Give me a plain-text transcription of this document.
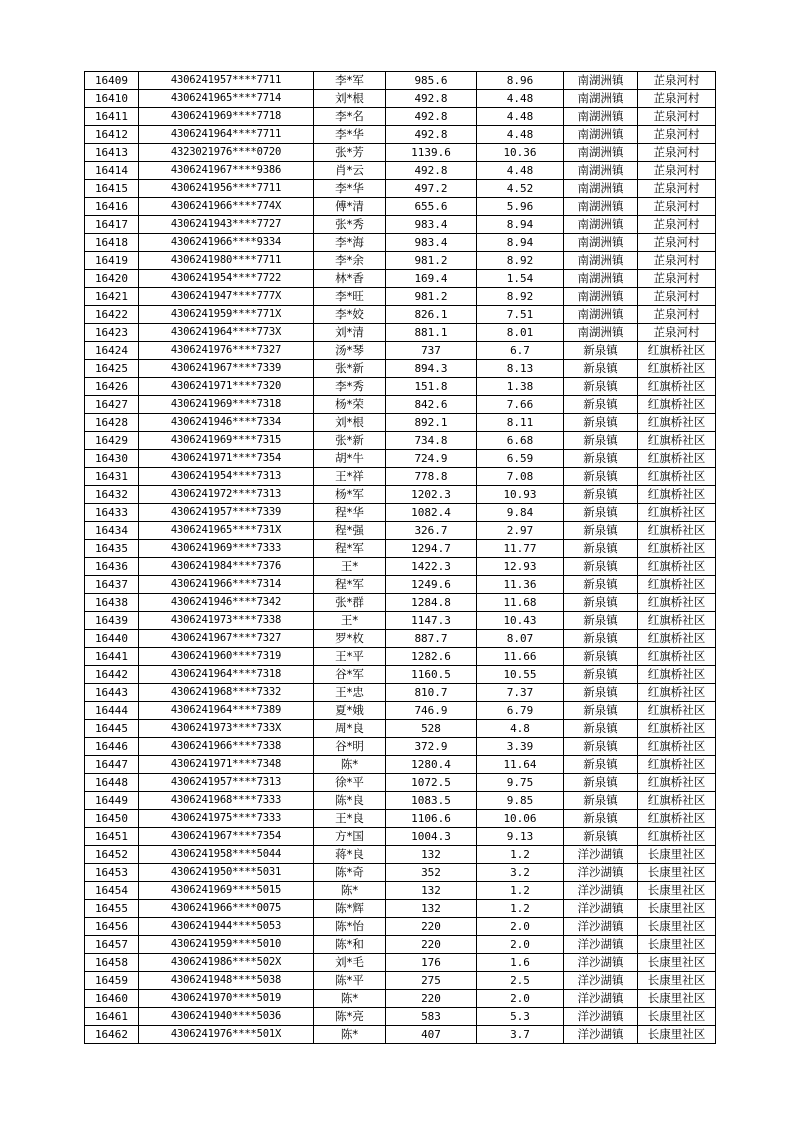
16409	4306241957****7711	李*军	985.6	8.96	南湖洲镇	芷泉河村
16410	4306241965****7714	刘*根	492.8	4.48	南湖洲镇	芷泉河村
16411	4306241969****7718	李*名	492.8	4.48	南湖洲镇	芷泉河村
16412	4306241964****7711	李*华	492.8	4.48	南湖洲镇	芷泉河村
16413	4323021976****0720	张*芳	1139.6	10.36	南湖洲镇	芷泉河村
16414	4306241967****9386	肖*云	492.8	4.48	南湖洲镇	芷泉河村
16415	4306241956****7711	李*华	497.2	4.52	南湖洲镇	芷泉河村
16416	4306241966****774X	傅*清	655.6	5.96	南湖洲镇	芷泉河村
16417	4306241943****7727	张*秀	983.4	8.94	南湖洲镇	芷泉河村
16418	4306241966****9334	李*海	983.4	8.94	南湖洲镇	芷泉河村
16419	4306241980****7711	李*余	981.2	8.92	南湖洲镇	芷泉河村
16420	4306241954****7722	林*香	169.4	1.54	南湖洲镇	芷泉河村
16421	4306241947****777X	李*旺	981.2	8.92	南湖洲镇	芷泉河村
16422	4306241959****771X	李*姣	826.1	7.51	南湖洲镇	芷泉河村
16423	4306241964****773X	刘*清	881.1	8.01	南湖洲镇	芷泉河村
16424	4306241976****7327	汤*琴	737	6.7	新泉镇	红旗桥社区
16425	4306241967****7339	张*新	894.3	8.13	新泉镇	红旗桥社区
16426	4306241971****7320	李*秀	151.8	1.38	新泉镇	红旗桥社区
16427	4306241969****7318	杨*荣	842.6	7.66	新泉镇	红旗桥社区
16428	4306241946****7334	刘*根	892.1	8.11	新泉镇	红旗桥社区
16429	4306241969****7315	张*新	734.8	6.68	新泉镇	红旗桥社区
16430	4306241971****7354	胡*牛	724.9	6.59	新泉镇	红旗桥社区
16431	4306241954****7313	王*祥	778.8	7.08	新泉镇	红旗桥社区
16432	4306241972****7313	杨*军	1202.3	10.93	新泉镇	红旗桥社区
16433	4306241957****7339	程*华	1082.4	9.84	新泉镇	红旗桥社区
16434	4306241965****731X	程*强	326.7	2.97	新泉镇	红旗桥社区
16435	4306241969****7333	程*军	1294.7	11.77	新泉镇	红旗桥社区
16436	4306241984****7376	王*	1422.3	12.93	新泉镇	红旗桥社区
16437	4306241966****7314	程*军	1249.6	11.36	新泉镇	红旗桥社区
16438	4306241946****7342	张*群	1284.8	11.68	新泉镇	红旗桥社区
16439	4306241973****7338	王*	1147.3	10.43	新泉镇	红旗桥社区
16440	4306241967****7327	罗*枚	887.7	8.07	新泉镇	红旗桥社区
16441	4306241960****7319	王*平	1282.6	11.66	新泉镇	红旗桥社区
16442	4306241964****7318	谷*军	1160.5	10.55	新泉镇	红旗桥社区
16443	4306241968****7332	王*忠	810.7	7.37	新泉镇	红旗桥社区
16444	4306241964****7389	夏*娥	746.9	6.79	新泉镇	红旗桥社区
16445	4306241973****733X	周*良	528	4.8	新泉镇	红旗桥社区
16446	4306241966****7338	谷*明	372.9	3.39	新泉镇	红旗桥社区
16447	4306241971****7348	陈*	1280.4	11.64	新泉镇	红旗桥社区
16448	4306241957****7313	徐*平	1072.5	9.75	新泉镇	红旗桥社区
16449	4306241968****7333	陈*良	1083.5	9.85	新泉镇	红旗桥社区
16450	4306241975****7333	王*良	1106.6	10.06	新泉镇	红旗桥社区
16451	4306241967****7354	方*国	1004.3	9.13	新泉镇	红旗桥社区
16452	4306241958****5044	蒋*良	132	1.2	洋沙湖镇	长康里社区
16453	4306241950****5031	陈*奇	352	3.2	洋沙湖镇	长康里社区
16454	4306241969****5015	陈*	132	1.2	洋沙湖镇	长康里社区
16455	4306241966****0075	陈*辉	132	1.2	洋沙湖镇	长康里社区
16456	4306241944****5053	陈*怡	220	2.0	洋沙湖镇	长康里社区
16457	4306241959****5010	陈*和	220	2.0	洋沙湖镇	长康里社区
16458	4306241986****502X	刘*毛	176	1.6	洋沙湖镇	长康里社区
16459	4306241948****5038	陈*平	275	2.5	洋沙湖镇	长康里社区
16460	4306241970****5019	陈*	220	2.0	洋沙湖镇	长康里社区
16461	4306241940****5036	陈*亮	583	5.3	洋沙湖镇	长康里社区
16462	4306241976****501X	陈*	407	3.7	洋沙湖镇	长康里社区
